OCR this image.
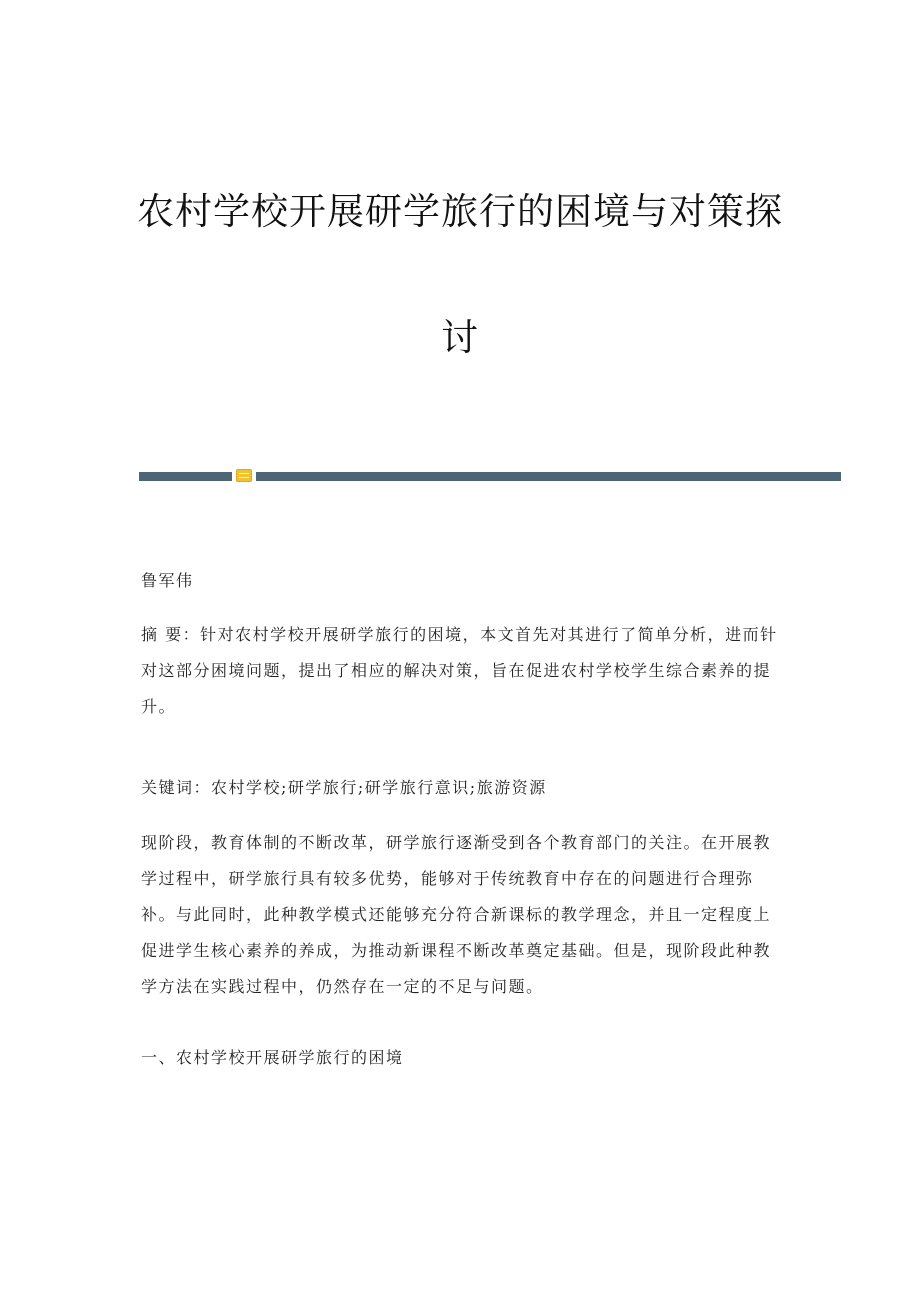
农村学校开展研学旅行的困境与对策探
讨
鲁军伟
摘 要：针对农村学校开展研学旅行的困境，本文首先对其进行了简单分析，进而针对这部分困境问题，提出了相应的解决对策，旨在促进农村学校学生综合素养的提升。
关键词：农村学校;研学旅行;研学旅行意识;旅游资源
现阶段，教育体制的不断改革，研学旅行逐渐受到各个教育部门的关注。在开展教学过程中，研学旅行具有较多优势，能够对于传统教育中存在的问题进行合理弥补。与此同时，此种教学模式还能够充分符合新课标的教学理念，并且一定程度上促进学生核心素养的养成，为推动新课程不断改革奠定基础。但是，现阶段此种教学方法在实践过程中，仍然存在一定的不足与问题。
一、农村学校开展研学旅行的困境
